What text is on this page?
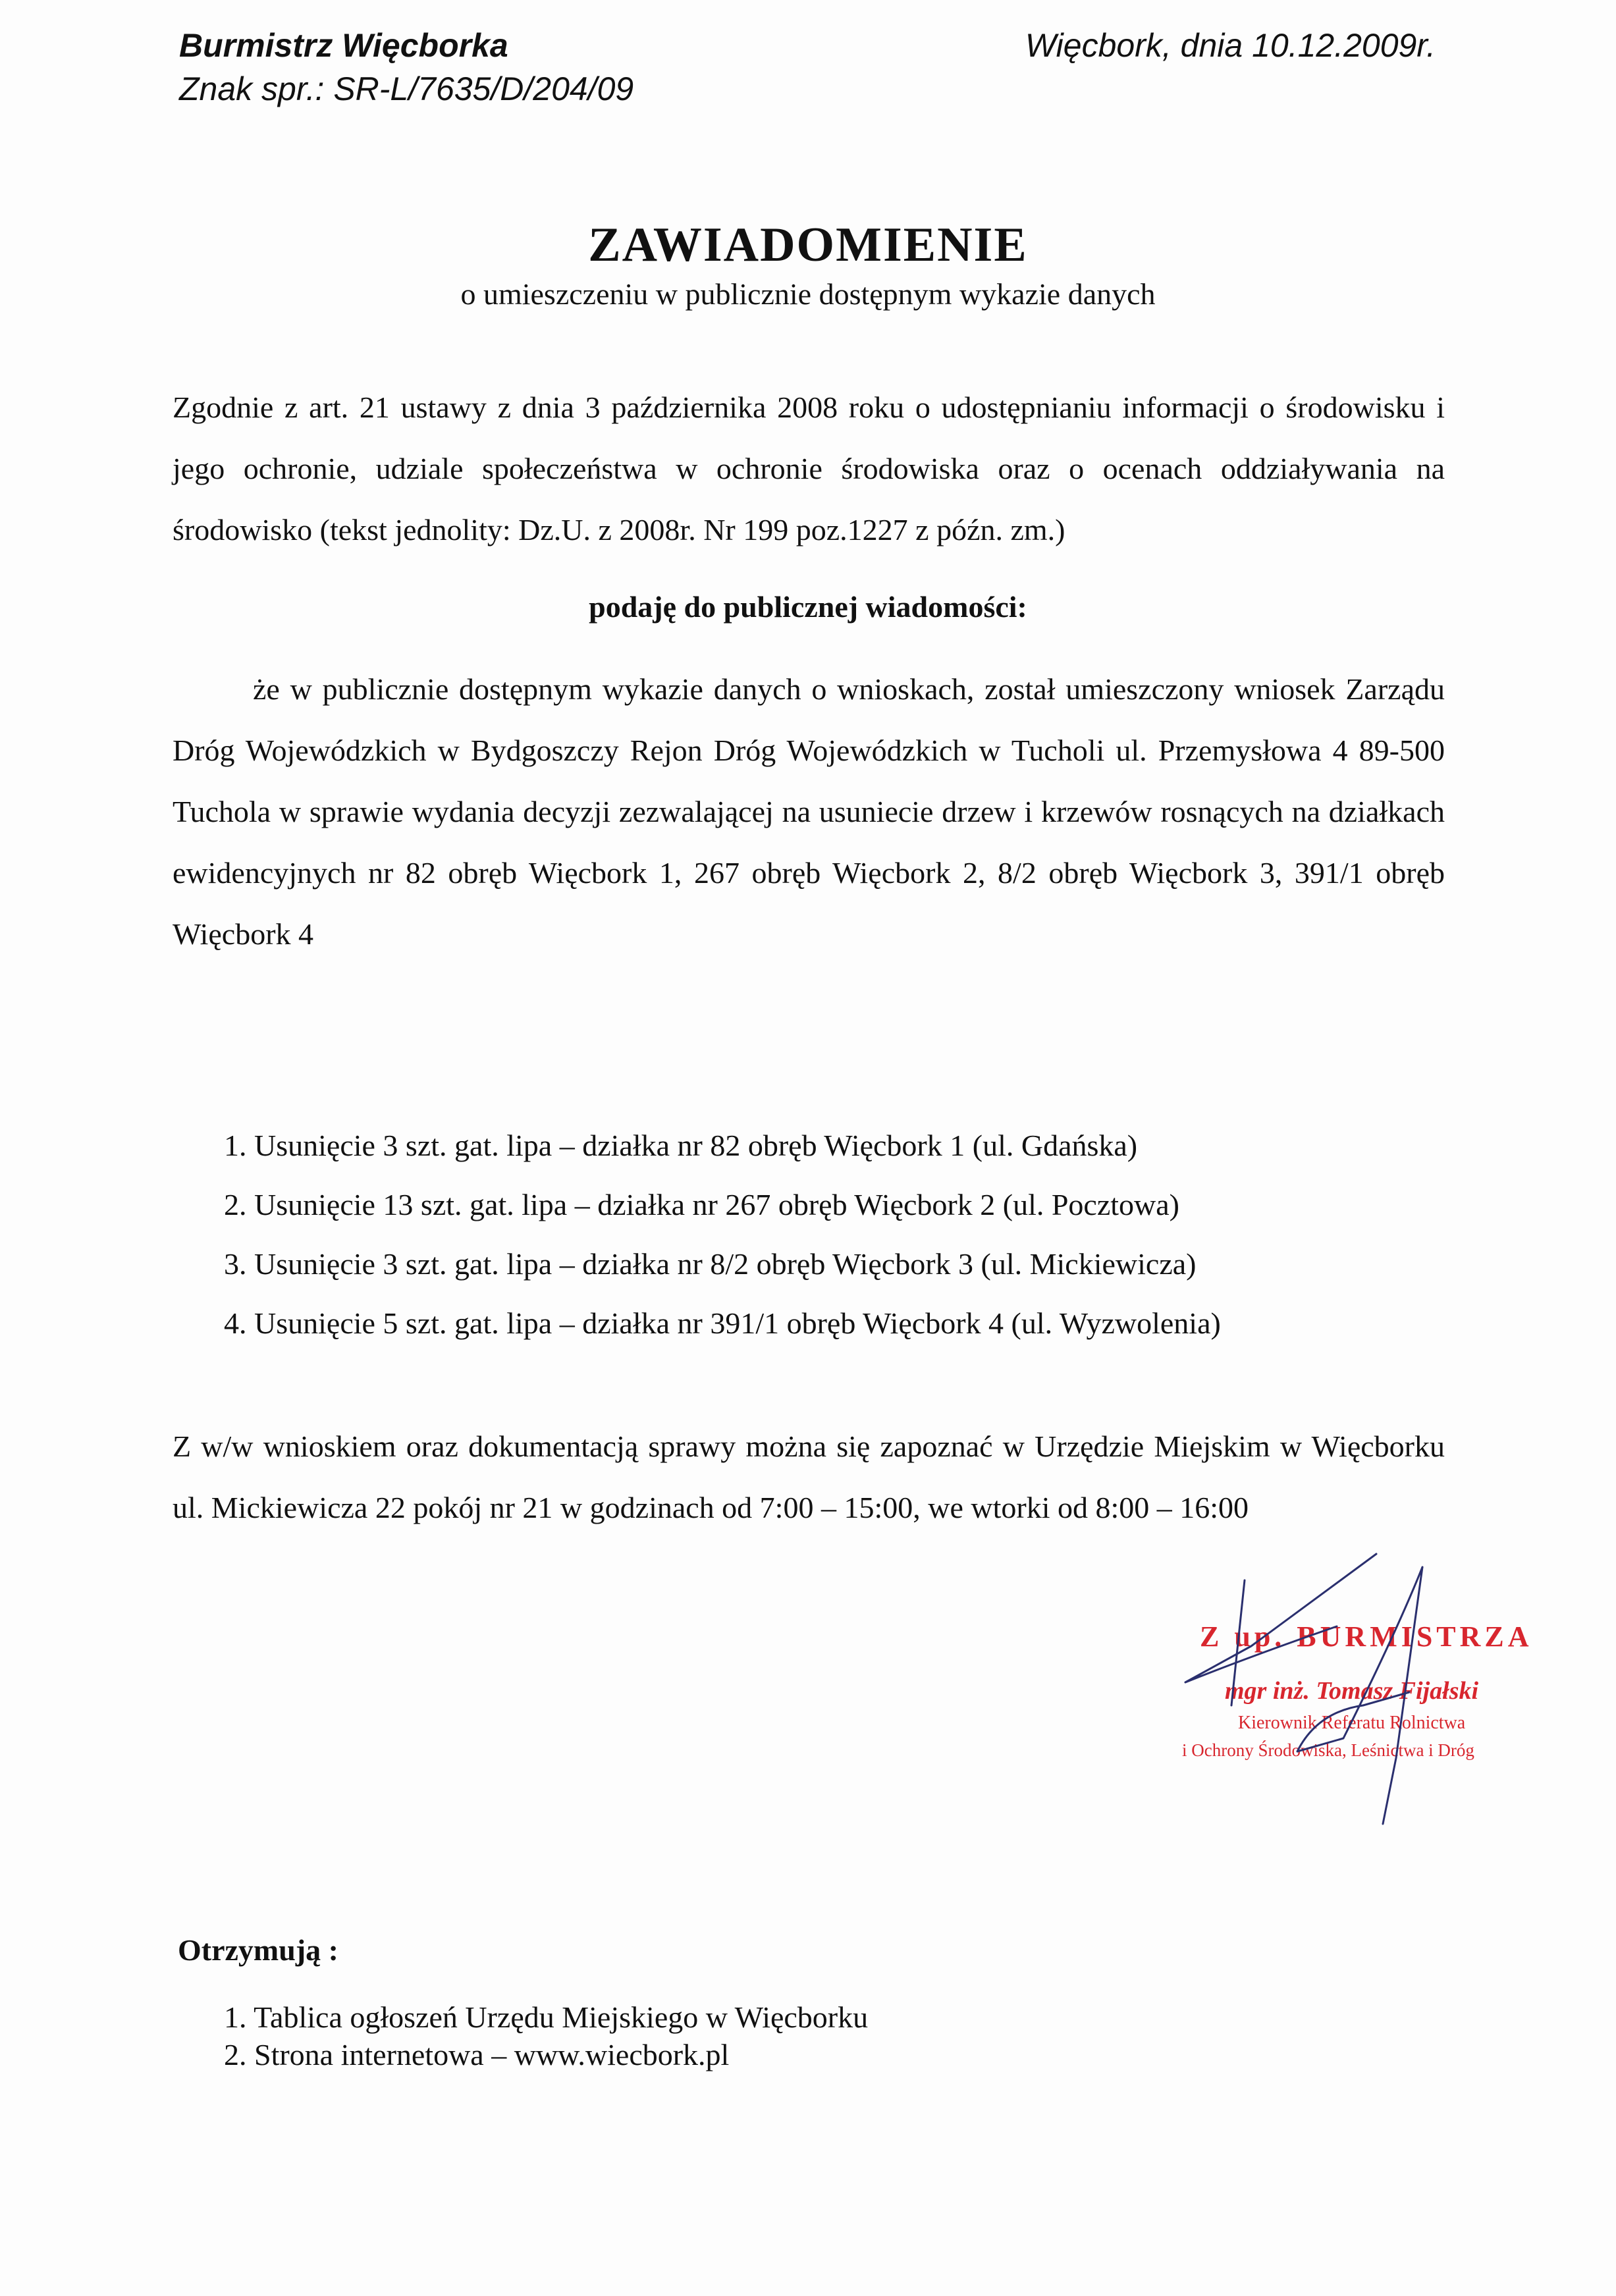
Burmistrz Więcborka
Znak spr.: SR-L/7635/D/204/09
Więcbork, dnia 10.12.2009r.
ZAWIADOMIENIE
o umieszczeniu w publicznie dostępnym wykazie danych
Zgodnie z art. 21 ustawy z dnia 3 października 2008 roku o udostępnianiu informacji o środowisku i jego ochronie, udziale społeczeństwa w ochronie środowiska oraz o ocenach oddziaływania na środowisko (tekst jednolity: Dz.U. z 2008r. Nr 199 poz.1227 z późn. zm.)
podaję do publicznej wiadomości:
że w publicznie dostępnym wykazie danych o wnioskach, został umieszczony wniosek Zarządu Dróg Wojewódzkich w Bydgoszczy Rejon Dróg Wojewódzkich w Tucholi ul. Przemysłowa 4 89-500 Tuchola w sprawie wydania decyzji zezwalającej na usuniecie drzew i krzewów rosnących na działkach ewidencyjnych nr 82 obręb Więcbork 1, 267 obręb Więcbork 2, 8/2 obręb Więcbork 3, 391/1 obręb Więcbork 4
1. Usunięcie 3 szt. gat. lipa – działka nr 82 obręb Więcbork 1 (ul. Gdańska)
2. Usunięcie 13 szt. gat. lipa – działka nr 267 obręb Więcbork 2 (ul. Pocztowa)
3. Usunięcie 3 szt. gat. lipa – działka nr 8/2 obręb Więcbork 3 (ul. Mickiewicza)
4. Usunięcie 5 szt. gat. lipa – działka nr 391/1 obręb Więcbork 4 (ul. Wyzwolenia)
Z w/w wnioskiem oraz dokumentacją sprawy można się zapoznać w Urzędzie Miejskim w Więcborku ul. Mickiewicza 22 pokój nr 21 w godzinach od 7:00 – 15:00, we wtorki od 8:00 – 16:00
Z up. BURMISTRZA
mgr inż. Tomasz Fijałski
Kierownik Referatu Rolnictwa
i Ochrony Środowiska, Leśnictwa i Dróg
Otrzymują :
1. Tablica ogłoszeń Urzędu Miejskiego w Więcborku
2. Strona internetowa – www.wiecbork.pl
